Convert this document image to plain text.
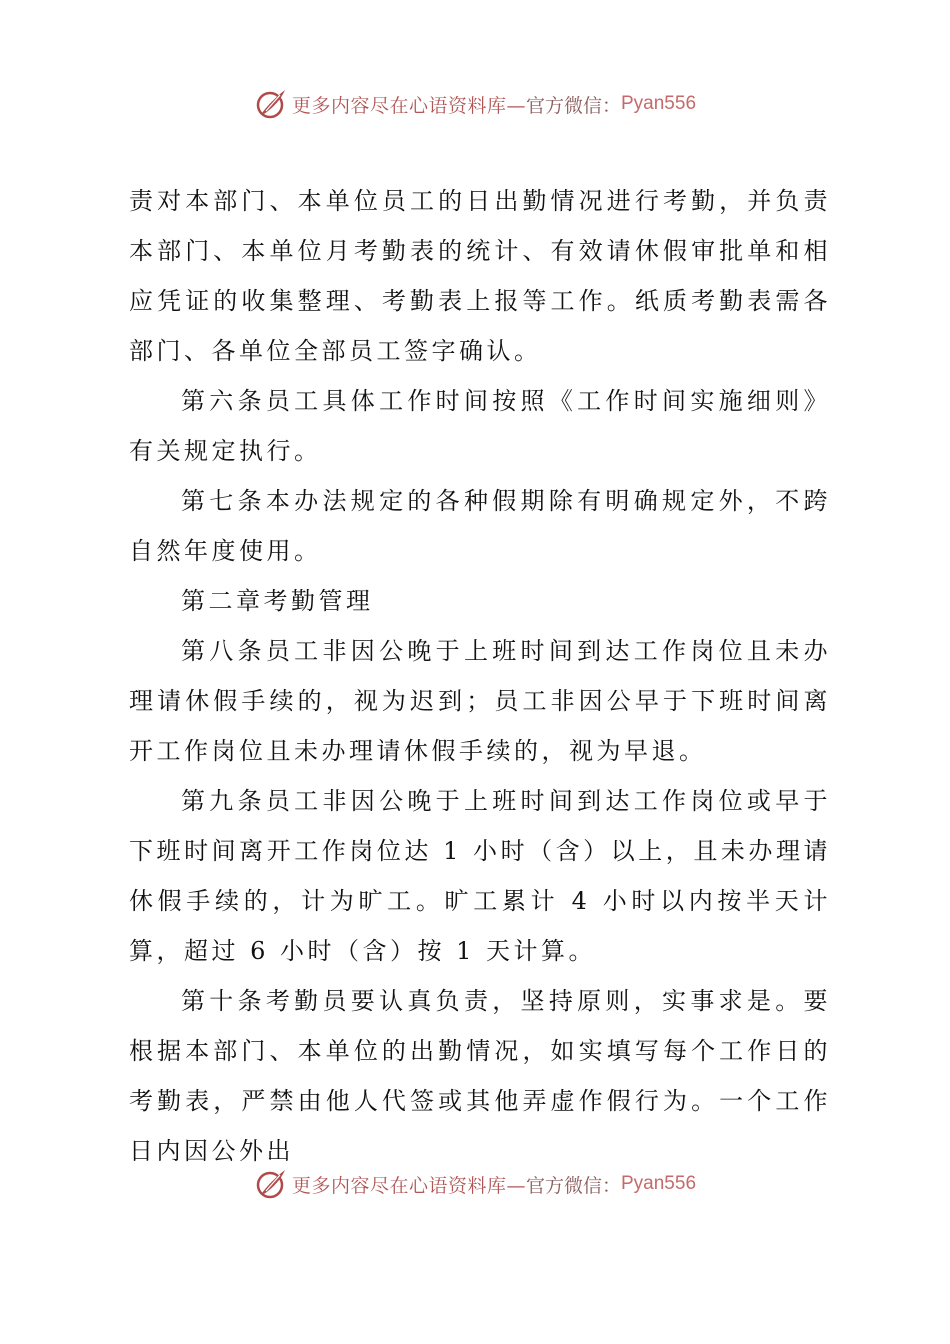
更多内容尽在心语资料库— 官方微信： Pyan556

责对本部门、本单位员工的日出勤情况进行考勤，并负责本部门、本单位月考勤表的统计、有效请休假审批单和相应凭证的收集整理、考勤表上报等工作。纸质考勤表需各部门、各单位全部员工签字确认。

第六条员工具体工作时间按照《工作时间实施细则》有关规定执行。

第七条本办法规定的各种假期除有明确规定外，不跨自然年度使用。

第二章考勤管理

第八条员工非因公晚于上班时间到达工作岗位且未办理请休假手续的，视为迟到；员工非因公早于下班时间离开工作岗位且未办理请休假手续的，视为早退。

第九条员工非因公晚于上班时间到达工作岗位或早于下班时间离开工作岗位达 1 小时（含）以上，且未办理请休假手续的，计为旷工。旷工累计 4 小时以内按半天计算，超过 6 小时（含）按 1 天计算。

第十条考勤员要认真负责，坚持原则，实事求是。要根据本部门、本单位的出勤情况，如实填写每个工作日的考勤表，严禁由他人代签或其他弄虚作假行为。一个工作日内因公外出

更多内容尽在心语资料库— 官方微信： Pyan556
